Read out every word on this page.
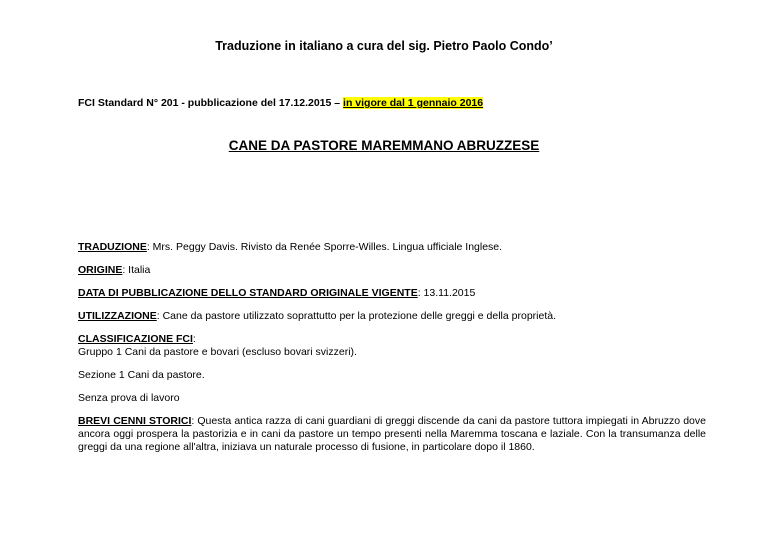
Traduzione in italiano a cura del sig. Pietro Paolo Condo’

FCI Standard N° 201 - pubblicazione del 17.12.2015 – in vigore dal 1 gennaio 2016

CANE DA PASTORE MAREMMANO ABRUZZESE

TRADUZIONE: Mrs. Peggy Davis. Rivisto da Renée Sporre-Willes. Lingua ufficiale Inglese.

ORIGINE: Italia

DATA DI PUBBLICAZIONE DELLO STANDARD ORIGINALE VIGENTE: 13.11.2015

UTILIZZAZIONE: Cane da pastore utilizzato soprattutto per la protezione delle greggi e della proprietà.

CLASSIFICAZIONE FCI:
Gruppo 1 Cani da pastore e bovari (escluso bovari svizzeri).

Sezione 1 Cani da pastore.

Senza prova di lavoro

BREVI CENNI STORICI: Questa antica razza di cani guardiani di greggi discende da cani da pastore tuttora impiegati in Abruzzo dove ancora oggi prospera la pastorizia e in cani da pastore un tempo presenti nella Maremma toscana e laziale. Con la transumanza delle greggi da una regione all'altra, iniziava un naturale processo di fusione, in particolare dopo il 1860.
